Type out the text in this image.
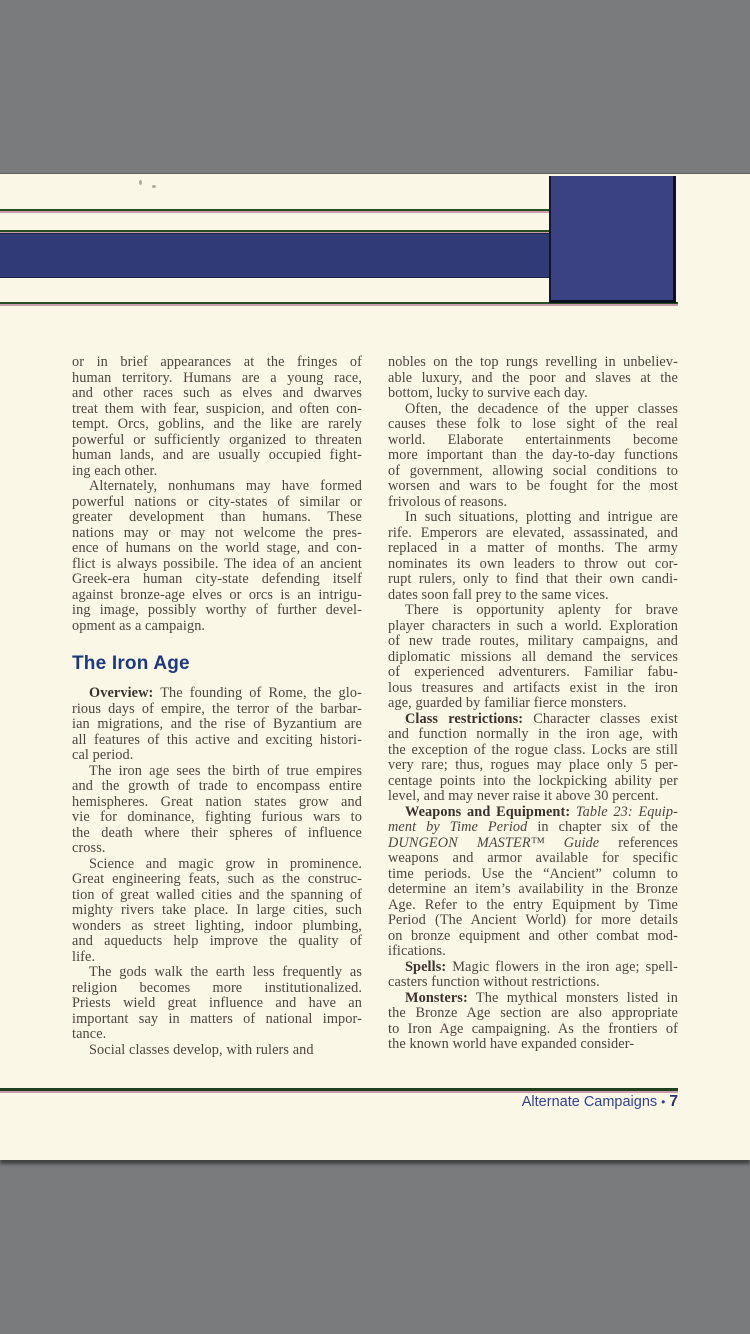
or in brief appearances at the fringes of
human territory. Humans are a young race,
and other races such as elves and dwarves
treat them with fear, suspicion, and often con-
tempt. Orcs, goblins, and the like are rarely
powerful or sufficiently organized to threaten
human lands, and are usually occupied fight-
ing each other.
Alternately, nonhumans may have formed
powerful nations or city-states of similar or
greater development than humans. These
nations may or may not welcome the pres-
ence of humans on the world stage, and con-
flict is always possibile. The idea of an ancient
Greek-era human city-state defending itself
against bronze-age elves or orcs is an intrigu-
ing image, possibly worthy of further devel-
opment as a campaign.
The Iron Age
Overview: The founding of Rome, the glo-
rious days of empire, the terror of the barbar-
ian migrations, and the rise of Byzantium are
all features of this active and exciting histori-
cal period.
The iron age sees the birth of true empires
and the growth of trade to encompass entire
hemispheres. Great nation states grow and
vie for dominance, fighting furious wars to
the death where their spheres of influence
cross.
Science and magic grow in prominence.
Great engineering feats, such as the construc-
tion of great walled cities and the spanning of
mighty rivers take place. In large cities, such
wonders as street lighting, indoor plumbing,
and aqueducts help improve the quality of
life.
The gods walk the earth less frequently as
religion becomes more institutionalized.
Priests wield great influence and have an
important say in matters of national impor-
tance.
Social classes develop, with rulers and
nobles on the top rungs revelling in unbeliev-
able luxury, and the poor and slaves at the
bottom, lucky to survive each day.
Often, the decadence of the upper classes
causes these folk to lose sight of the real
world. Elaborate entertainments become
more important than the day-to-day functions
of government, allowing social conditions to
worsen and wars to be fought for the most
frivolous of reasons.
In such situations, plotting and intrigue are
rife. Emperors are elevated, assassinated, and
replaced in a matter of months. The army
nominates its own leaders to throw out cor-
rupt rulers, only to find that their own candi-
dates soon fall prey to the same vices.
There is opportunity aplenty for brave
player characters in such a world. Exploration
of new trade routes, military campaigns, and
diplomatic missions all demand the services
of experienced adventurers. Familiar fabu-
lous treasures and artifacts exist in the iron
age, guarded by familiar fierce monsters.
Class restrictions: Character classes exist
and function normally in the iron age, with
the exception of the rogue class. Locks are still
very rare; thus, rogues may place only 5 per-
centage points into the lockpicking ability per
level, and may never raise it above 30 percent.
Weapons and Equipment: Table 23: Equip-
ment by Time Period in chapter six of the
DUNGEON MASTER™ Guide references
weapons and armor available for specific
time periods. Use the “Ancient” column to
determine an item’s availability in the Bronze
Age. Refer to the entry Equipment by Time
Period (The Ancient World) for more details
on bronze equipment and other combat mod-
ifications.
Spells: Magic flowers in the iron age; spell-
casters function without restrictions.
Monsters: The mythical monsters listed in
the Bronze Age section are also appropriate
to Iron Age campaigning. As the frontiers of
the known world have expanded consider-
Alternate Campaigns • 7
